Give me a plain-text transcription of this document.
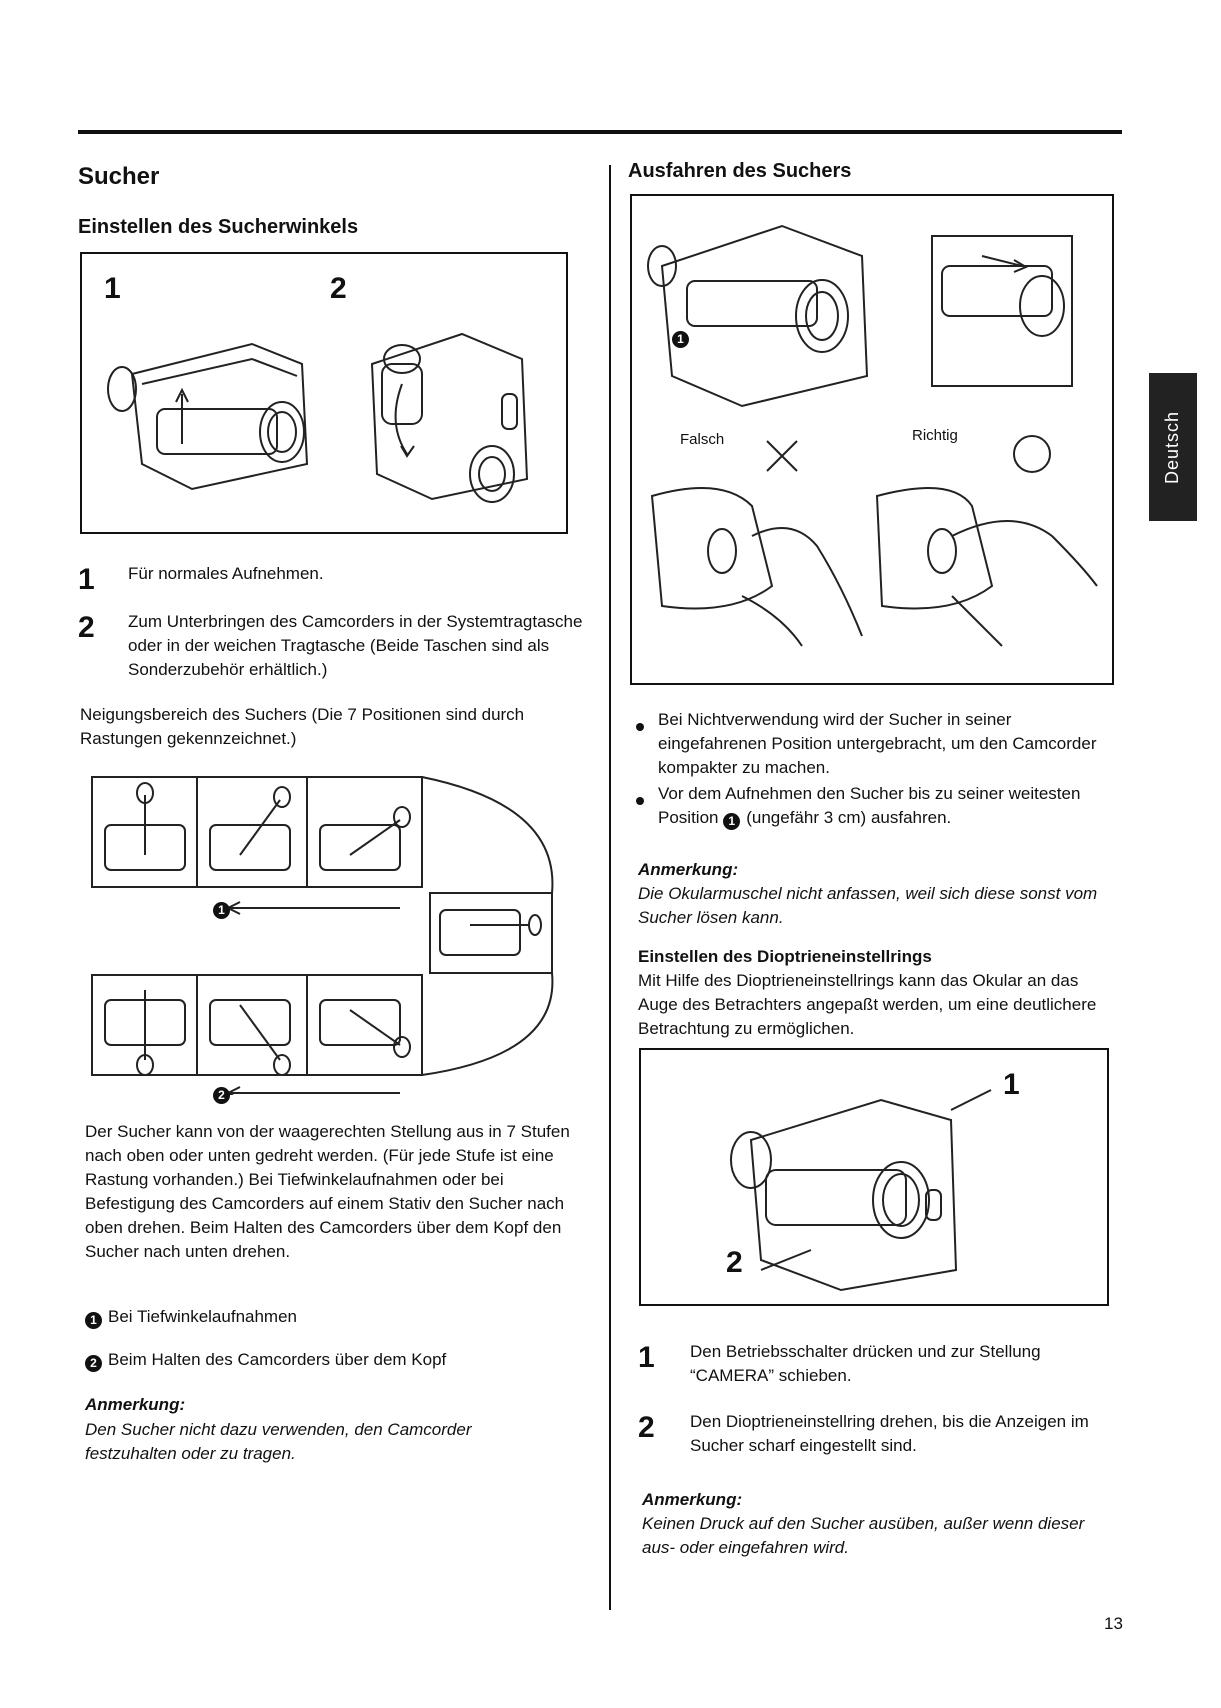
Sucher
Einstellen des Sucherwinkels
1	2
1 Für normales Aufnehmen.
2 Zum Unterbringen des Camcorders in der Systemtragtasche oder in der weichen Tragtasche (Beide Taschen sind als Sonderzubehör erhältlich.)
Neigungsbereich des Suchers (Die 7 Positionen sind durch Rastungen gekennzeichnet.)
1
2
Der Sucher kann von der waagerechten Stellung aus in 7 Stufen nach oben oder unten gedreht werden. (Für jede Stufe ist eine Rastung vorhanden.) Bei Tiefwinkelaufnahmen oder bei Befestigung des Camcorders auf einem Stativ den Sucher nach oben drehen. Beim Halten des Camcorders über dem Kopf den Sucher nach unten drehen.
1 Bei Tiefwinkelaufnahmen
2 Beim Halten des Camcorders über dem Kopf
Anmerkung:
Den Sucher nicht dazu verwenden, den Camcorder festzuhalten oder zu tragen.
Ausfahren des Suchers
1
Falsch	Richtig
Bei Nichtverwendung wird der Sucher in seiner eingefahrenen Position untergebracht, um den Camcorder kompakter zu machen.
Vor dem Aufnehmen den Sucher bis zu seiner weitesten Position 1 (ungefähr 3 cm) ausfahren.
Anmerkung:
Die Okularmuschel nicht anfassen, weil sich diese sonst vom Sucher lösen kann.
Einstellen des Dioptrieneinstellrings
Mit Hilfe des Dioptrieneinstellrings kann das Okular an das Auge des Betrachters angepaßt werden, um eine deutlichere Betrachtung zu ermöglichen.
1
2
1 Den Betriebsschalter drücken und zur Stellung “CAMERA” schieben.
2 Den Dioptrieneinstellring drehen, bis die Anzeigen im Sucher scharf eingestellt sind.
Anmerkung:
Keinen Druck auf den Sucher ausüben, außer wenn dieser aus- oder eingefahren wird.
Deutsch
13
